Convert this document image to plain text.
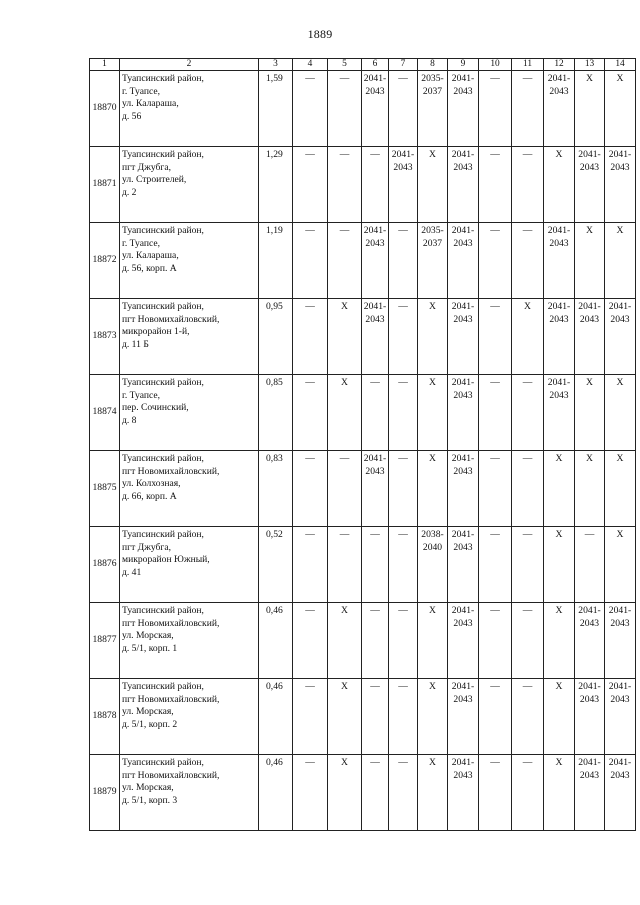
1889
1	2	3	4	5	6	7	8	9	10	11	12	13	14
18870	Туапсинский район,
г. Туапсе,
ул. Калараша,
д. 56	1,59	—	—	2041-
2043	—	2035-
2037	2041-
2043	—	—	2041-
2043	Х	Х
18871	Туапсинский район,
пгт Джубга,
ул. Строителей,
д. 2	1,29	—	—	—	2041-
2043	Х	2041-
2043	—	—	Х	2041-
2043	2041-
2043
18872	Туапсинский район,
г. Туапсе,
ул. Калараша,
д. 56, корп. А	1,19	—	—	2041-
2043	—	2035-
2037	2041-
2043	—	—	2041-
2043	Х	Х
18873	Туапсинский район,
пгт Новомихайловский,
микрорайон 1-й,
д. 11 Б	0,95	—	Х	2041-
2043	—	Х	2041-
2043	—	Х	2041-
2043	2041-
2043	2041-
2043
18874	Туапсинский район,
г. Туапсе,
пер. Сочинский,
д. 8	0,85	—	Х	—	—	Х	2041-
2043	—	—	2041-
2043	Х	Х
18875	Туапсинский район,
пгт Новомихайловский,
ул. Колхозная,
д. 66, корп. А	0,83	—	—	2041-
2043	—	Х	2041-
2043	—	—	Х	Х	Х
18876	Туапсинский район,
пгт Джубга,
микрорайон Южный,
д. 41	0,52	—	—	—	—	2038-
2040	2041-
2043	—	—	Х	—	Х
18877	Туапсинский район,
пгт Новомихайловский,
ул. Морская,
д. 5/1, корп. 1	0,46	—	Х	—	—	Х	2041-
2043	—	—	Х	2041-
2043	2041-
2043
18878	Туапсинский район,
пгт Новомихайловский,
ул. Морская,
д. 5/1, корп. 2	0,46	—	Х	—	—	Х	2041-
2043	—	—	Х	2041-
2043	2041-
2043
18879	Туапсинский район,
пгт Новомихайловский,
ул. Морская,
д. 5/1, корп. 3	0,46	—	Х	—	—	Х	2041-
2043	—	—	Х	2041-
2043	2041-
2043
